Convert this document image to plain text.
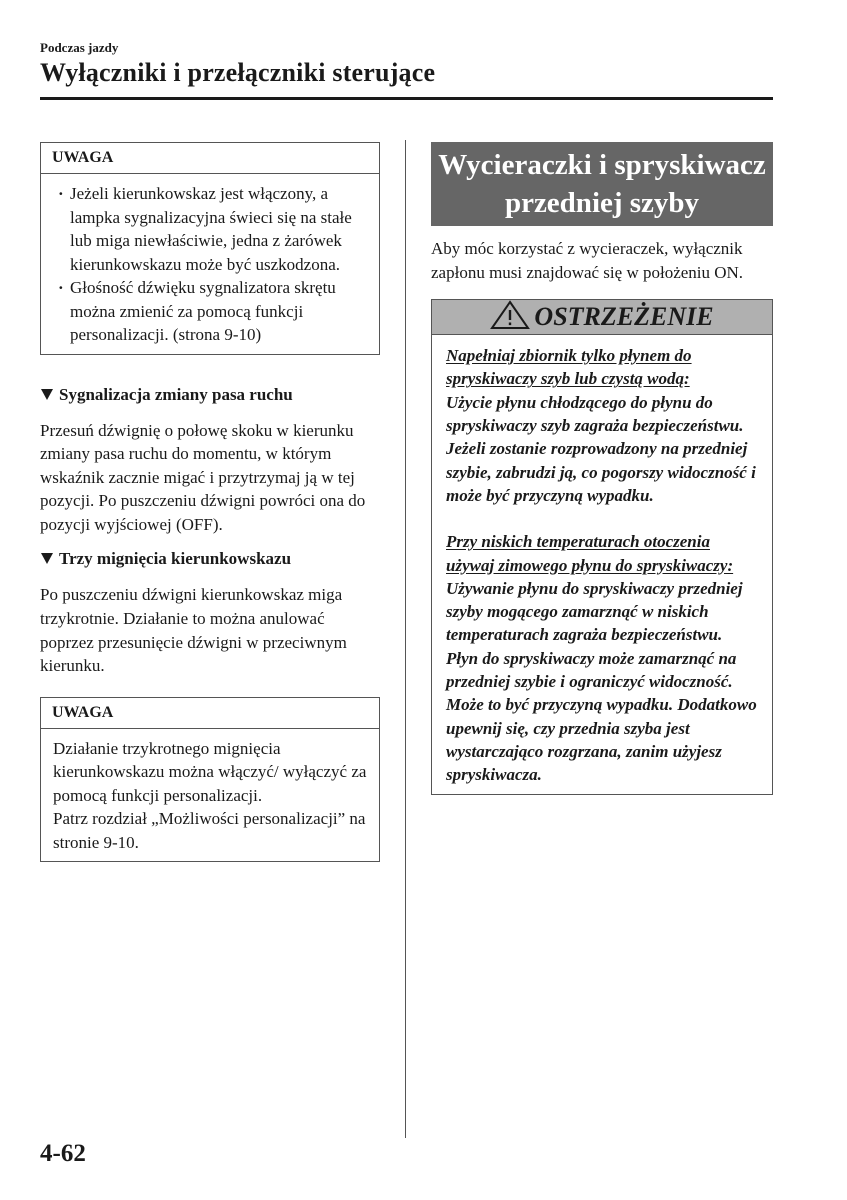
Podczas jazdy
Wyłączniki i przełączniki sterujące
UWAGA
· Jeżeli kierunkowskaz jest włączony, a lampka sygnalizacyjna świeci się na stałe lub miga niewłaściwie, jedna z żarówek kierunkowskazu może być uszkodzona.
· Głośność dźwięku sygnalizatora skrętu można zmienić za pomocą funkcji personalizacji. (strona 9-10)
Sygnalizacja zmiany pasa ruchu
Przesuń dźwignię o połowę skoku w kierunku zmiany pasa ruchu do momentu, w którym wskaźnik zacznie migać i przytrzymaj ją w tej pozycji. Po puszczeniu dźwigni powróci ona do pozycji wyjściowej (OFF).
Trzy mignięcia kierunkowskazu
Po puszczeniu dźwigni kierunkowskaz miga trzykrotnie. Działanie to można anulować poprzez przesunięcie dźwigni w przeciwnym kierunku.
UWAGA
Działanie trzykrotnego mignięcia kierunkowskazu można włączyć/ wyłączyć za pomocą funkcji personalizacji.
Patrz rozdział „Możliwości personalizacji” na stronie 9-10.
Wycieraczki i spryskiwacz przedniej szyby
Aby móc korzystać z wycieraczek, wyłącznik zapłonu musi znajdować się w położeniu ON.
OSTRZEŻENIE
Napełniaj zbiornik tylko płynem do spryskiwaczy szyb lub czystą wodą:
Użycie płynu chłodzącego do płynu do spryskiwaczy szyb zagraża bezpieczeństwu. Jeżeli zostanie rozprowadzony na przedniej szybie, zabrudzi ją, co pogorszy widoczność i może być przyczyną wypadku.
Przy niskich temperaturach otoczenia używaj zimowego płynu do spryskiwaczy:
Używanie płynu do spryskiwaczy przedniej szyby mogącego zamarznąć w niskich temperaturach zagraża bezpieczeństwu. Płyn do spryskiwaczy może zamarznąć na przedniej szybie i ograniczyć widoczność. Może to być przyczyną wypadku. Dodatkowo upewnij się, czy przednia szyba jest wystarczająco rozgrzana, zanim użyjesz spryskiwacza.
4-62
